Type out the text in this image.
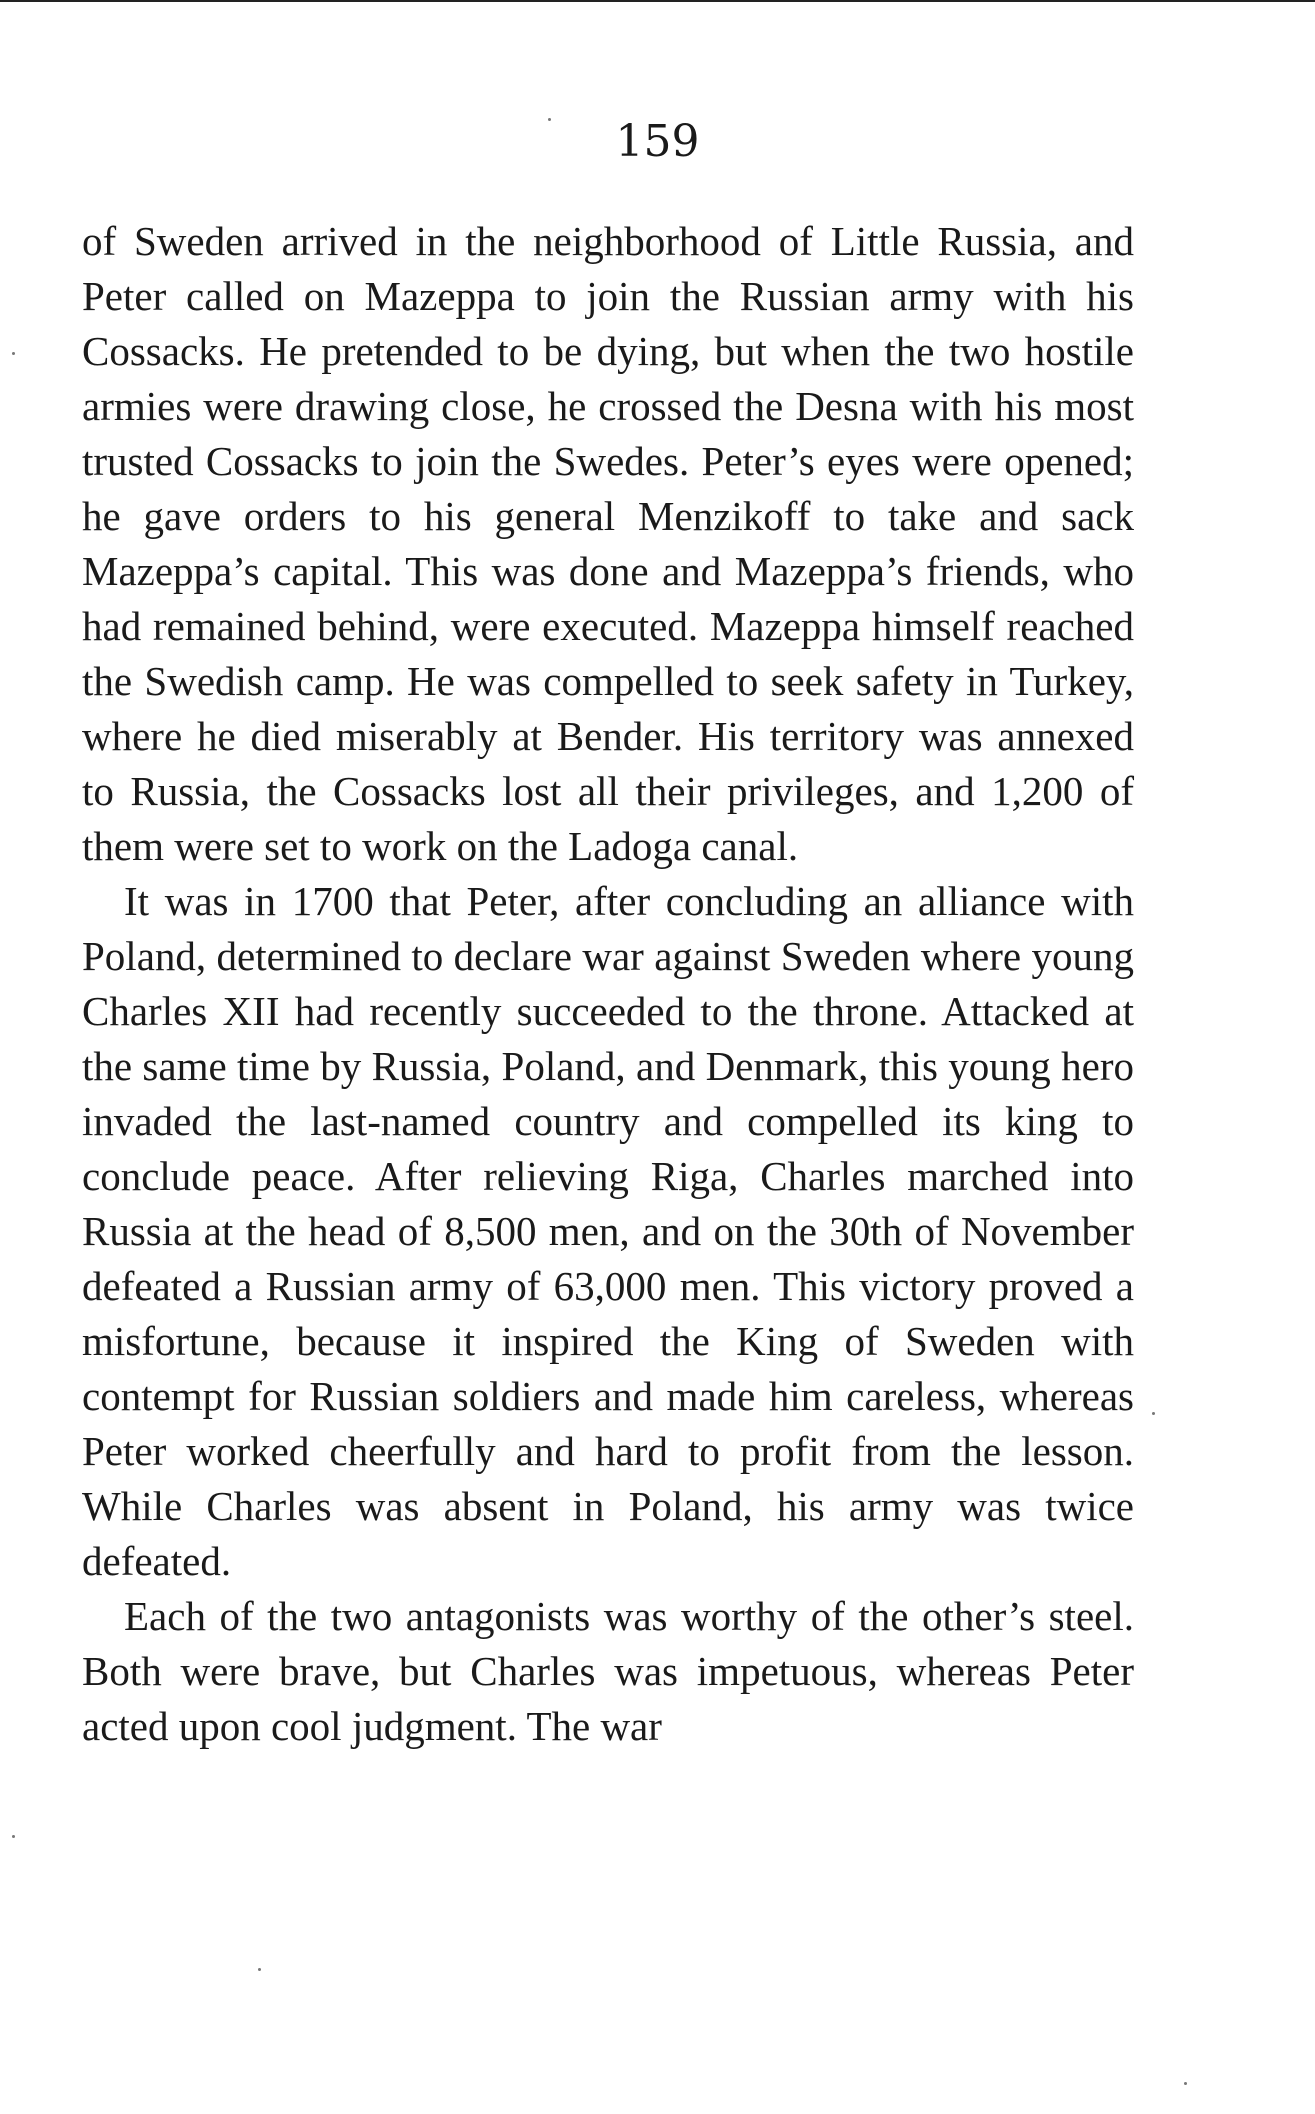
159

of Sweden arrived in the neighborhood of Little Russia, and Peter called on Mazeppa to join the Russian army with his Cossacks. He pretended to be dying, but when the two hostile armies were drawing close, he crossed the Desna with his most trusted Cossacks to join the Swedes. Peter’s eyes were opened; he gave orders to his general Menzikoff to take and sack Mazeppa’s capital. This was done and Mazeppa’s friends, who had remained behind, were executed. Mazeppa himself reached the Swedish camp. He was compelled to seek safety in Turkey, where he died miserably at Bender. His territory was annexed to Russia, the Cossacks lost all their privileges, and 1,200 of them were set to work on the Ladoga canal.

It was in 1700 that Peter, after concluding an alliance with Poland, determined to declare war against Sweden where young Charles XII had recently succeeded to the throne. Attacked at the same time by Russia, Poland, and Denmark, this young hero invaded the last-named country and compelled its king to conclude peace. After relieving Riga, Charles marched into Russia at the head of 8,500 men, and on the 30th of November defeated a Russian army of 63,000 men. This victory proved a misfortune, because it inspired the King of Sweden with contempt for Russian soldiers and made him careless, whereas Peter worked cheerfully and hard to profit from the lesson. While Charles was absent in Poland, his army was twice defeated.

Each of the two antagonists was worthy of the other’s steel. Both were brave, but Charles was impetuous, whereas Peter acted upon cool judgment. The war
